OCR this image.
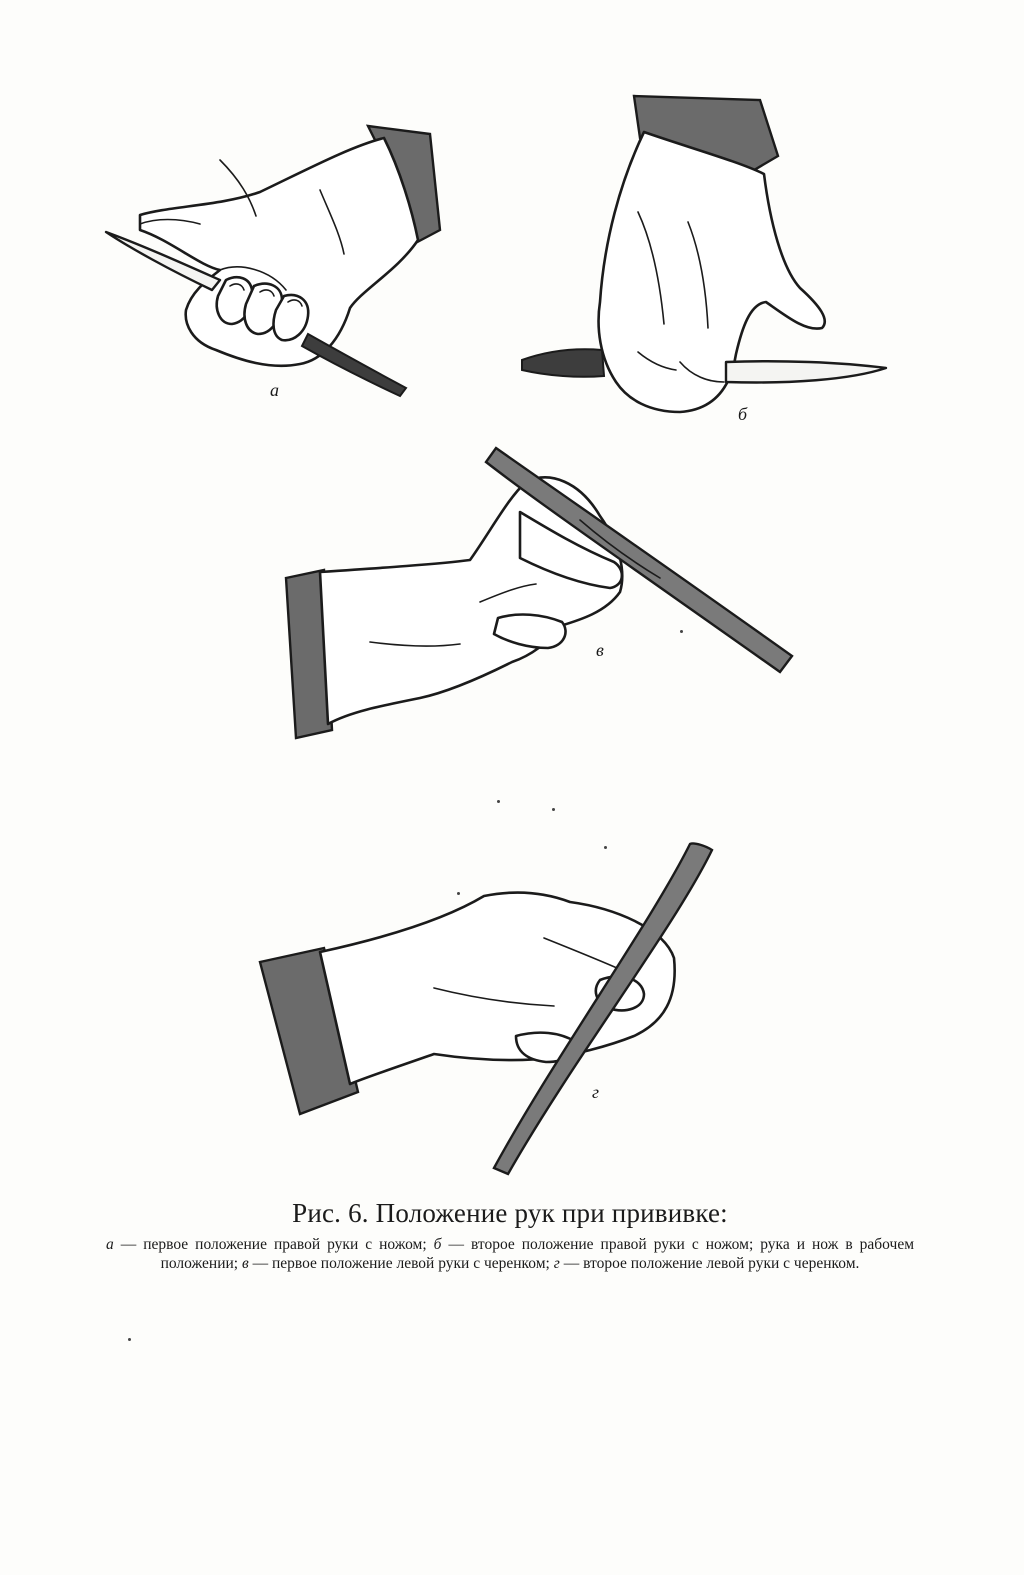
а
б
в
г
Рис. 6. Положение рук при прививке:
а — первое положение правой руки с ножом; б — второе положение правой руки с ножом; рука и нож в рабочем положении; в — первое положение левой руки с черенком; г — второе положение левой руки с черенком.
